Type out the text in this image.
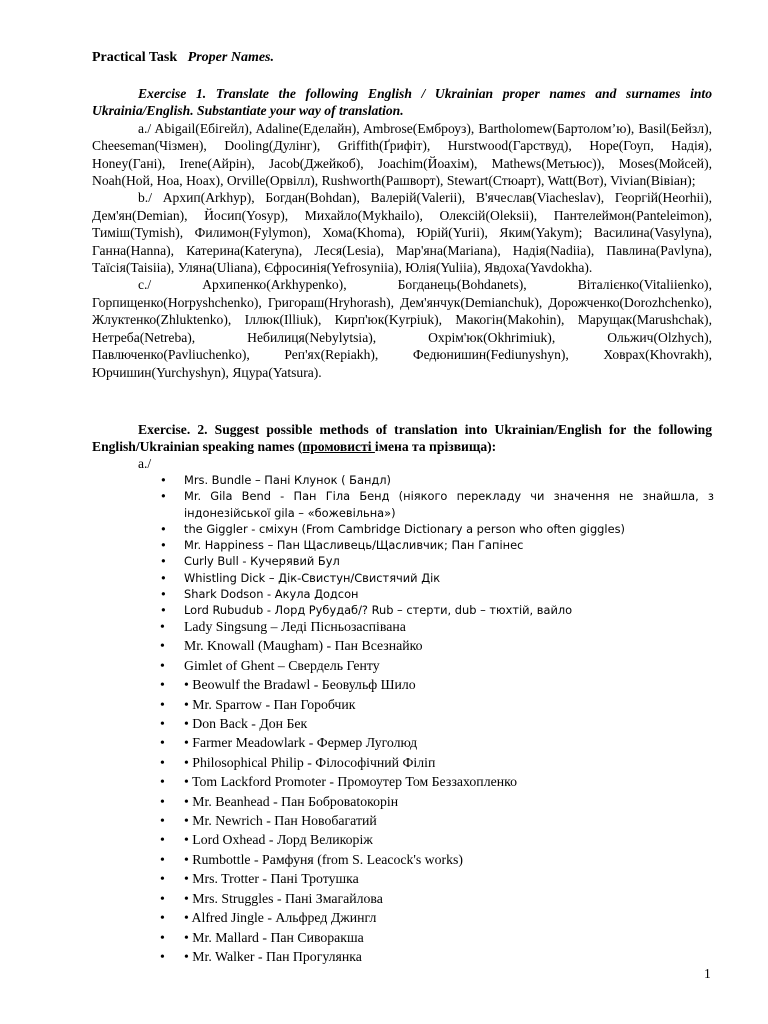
Practical Task Proper Names.
Exercise 1. Translate the following English / Ukrainian proper names and surnames into Ukrainia/English. Substantiate your way of translation.
a./ Abigail(Ебігейл), Adaline(Еделайн), Ambrose(Емброуз), Bartholomew(Бартолом’ю), Basil(Бейзл), Cheeseman(Чізмен), Dooling(Дулінг), Griffith(Ґрифіт), Hurstwood(Гарствуд), Hope(Гоуп, Надія), Honey(Гані), Irene(Айрін), Jacob(Джейкоб), Joachim(Йоахім), Mathews(Метьюс)), Moses(Мойсей), Noah(Ной, Ноа, Ноах), Orville(Орвілл), Rushworth(Рашворт), Stewart(Стюарт), Watt(Вот), Vivian(Вівіан);
b./ Архип(Arkhyp), Богдан(Bohdan), Валерій(Valerii), В'ячеслав(Viacheslav), Георгій(Heorhii), Дем'ян(Demian), Йосип(Yosyp), Михайло(Mykhailo), Олексій(Oleksii), Пантелеймон(Panteleimon), Тиміш(Tymish), Филимон(Fylymon), Хома(Khoma), Юрій(Yurii), Яким(Yakym); Василина(Vasylyna), Ганна(Hanna), Катерина(Kateryna), Леся(Lesia), Мар'яна(Mariana), Надія(Nadiia), Павлина(Pavlyna), Таїсія(Taisiia), Уляна(Uliana), Єфросинія(Yefrosyniia), Юлія(Yuliia), Явдоха(Yavdokha).
c./ Архипенко(Arkhypenko), Богданець(Bohdanets), Віталієнко(Vitaliienko), Горпищенко(Horpyshchenko), Григораш(Hryhorash), Дем'янчук(Demianchuk), Дорожченко(Dorozhchenko), Жлуктенко(Zhluktenko), Іллюк(Illiuk), Кирп'юк(Kyrpiuk), Макогін(Makohin), Марущак(Marushchak), Нетреба(Netreba), Небилиця(Nebylytsia), Охрім'юк(Okhrimiuk), Ольжич(Olzhych), Павлюченко(Pavliuchenko), Реп'ях(Repiakh), Федюнишин(Fediunyshyn), Ховрах(Khovrakh), Юрчишин(Yurchyshyn), Яцура(Yatsura).
Exercise. 2. Suggest possible methods of translation into Ukrainian/English for the following English/Ukrainian speaking names (промовисті імена та прізвища):
a./
• Mrs. Bundle – Пані Клунок ( Бандл)
• Mr. Gila Bend - Пан Гіла Бенд (ніякого перекладу чи значення не знайшла, з індонезійської gila – «божевільна»)
• the Giggler - сміхун (From Cambridge Dictionary a person who often giggles)
• Mr. Happiness – Пан Щасливець/Щасливчик; Пан Гапінес
• Curly Bull - Кучерявий Бул
• Whistling Dick – Дік-Свистун/Свистячий Дік
• Shark Dodson - Акула Додсон
• Lord Rubudub - Лорд Рубудаб/? Rub – стерти, dub – тюхтій, вайло
• Lady Singsung – Леді Пісньозаспівана
• Mr. Knowall (Maugham) - Пан Всезнайко
• Gimlet of Ghent – Свердель Генту
• • Beowulf the Bradawl - Беовульф Шило
• • Mr. Sparrow - Пан Горобчик
• • Don Back - Дон Бек
• • Farmer Meadowlark - Фермер Луголюд
• • Philosophical Philip - Філософічний Філіп
• • Tom Lackford Promoter - Промоутер Том Беззахопленко
• • Mr. Beanhead - Пан Бобровatoкорін
• • Mr. Newrich - Пан Новобагатий
• • Lord Oxhead - Лорд Великоріж
• • Rumbottle - Рамфуня (from S. Leacock's works)
• • Mrs. Trotter - Пані Тротушка
• • Mrs. Struggles - Пані Змагайлова
• • Alfred Jingle - Альфред Джингл
• • Mr. Mallard - Пан Сиворакша
• • Mr. Walker - Пан Прогулянка
1
